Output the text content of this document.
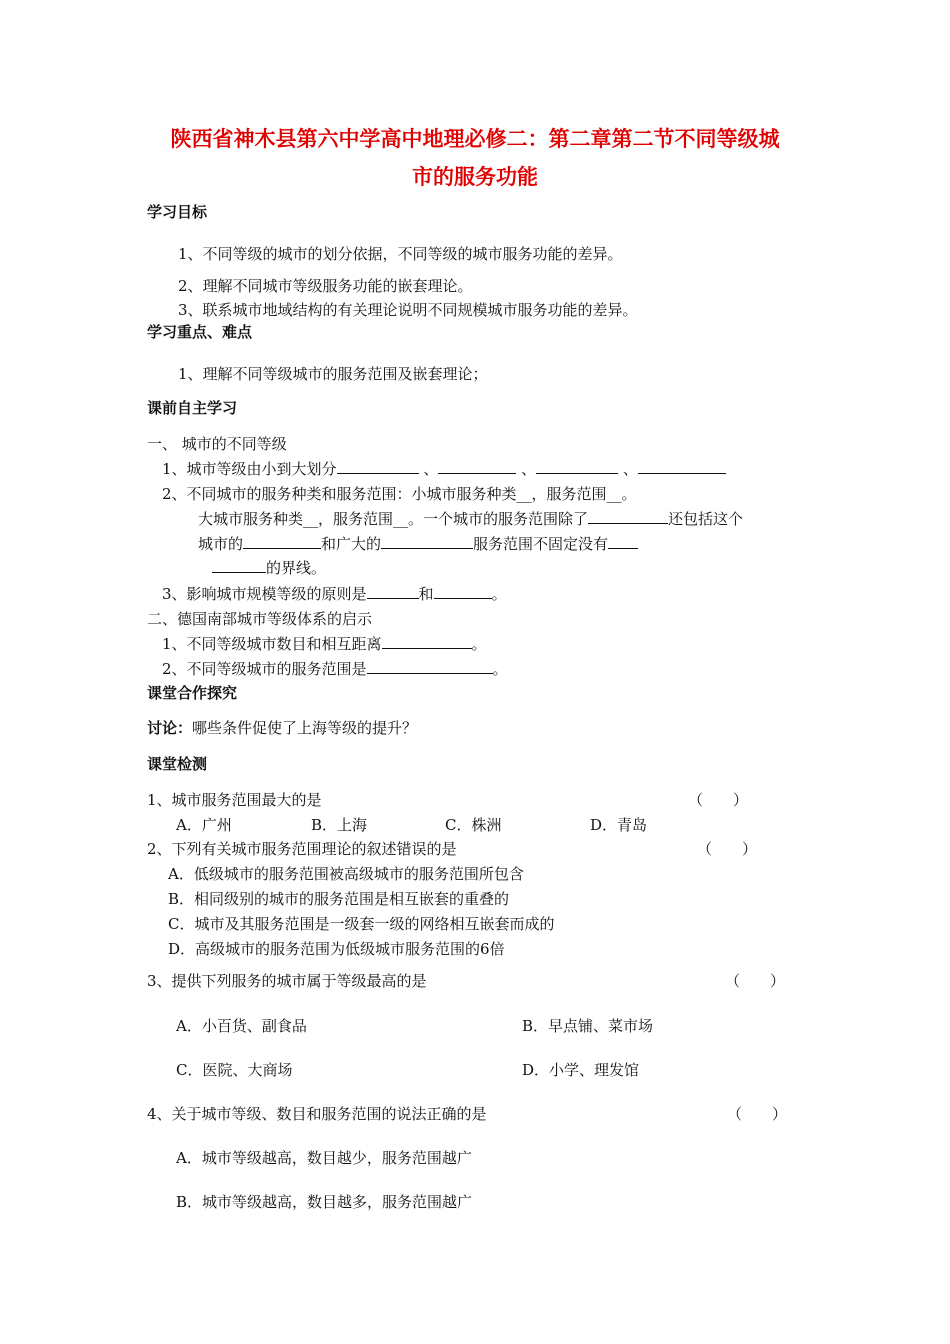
陕西省神木县第六中学高中地理必修二：第二章第二节不同等级城
市的服务功能
学习目标
1、不同等级的城市的划分依据，不同等级的城市服务功能的差异。
2、理解不同城市等级服务功能的嵌套理论。
3、联系城市地域结构的有关理论说明不同规模城市服务功能的差异。
学习重点、难点
1、理解不同等级城市的服务范围及嵌套理论；
课前自主学习
一、 城市的不同等级
1、城市等级由小到大划分	、	、	、
2、不同城市的服务种类和服务范围：小城市服务种类__，服务范围__。
大城市服务种类__，服务范围__。一个城市的服务范围除了	还包括这个
城市的	和广大的	服务范围不固定没有
的界线。
3、影响城市规模等级的原则是	和	。
二、德国南部城市等级体系的启示
1、不同等级城市数目和相互距离	。
2、不同等级城市的服务范围是	。
课堂合作探究
讨论：哪些条件促使了上海等级的提升？
课堂检测
1、城市服务范围最大的是	（　　）
A．广州	B．上海	C．株洲	D．青岛
2、下列有关城市服务范围理论的叙述错误的是	（　　）
A．低级城市的服务范围被高级城市的服务范围所包含
B．相同级别的城市的服务范围是相互嵌套的重叠的
C．城市及其服务范围是一级套一级的网络相互嵌套而成的
D．高级城市的服务范围为低级城市服务范围的6倍
3、提供下列服务的城市属于等级最高的是	（　　）
A．小百货、副食品	B．早点铺、菜市场
C．医院、大商场	D．小学、理发馆
4、关于城市等级、数目和服务范围的说法正确的是	（　　）
A．城市等级越高，数目越少，服务范围越广
B．城市等级越高，数目越多，服务范围越广
